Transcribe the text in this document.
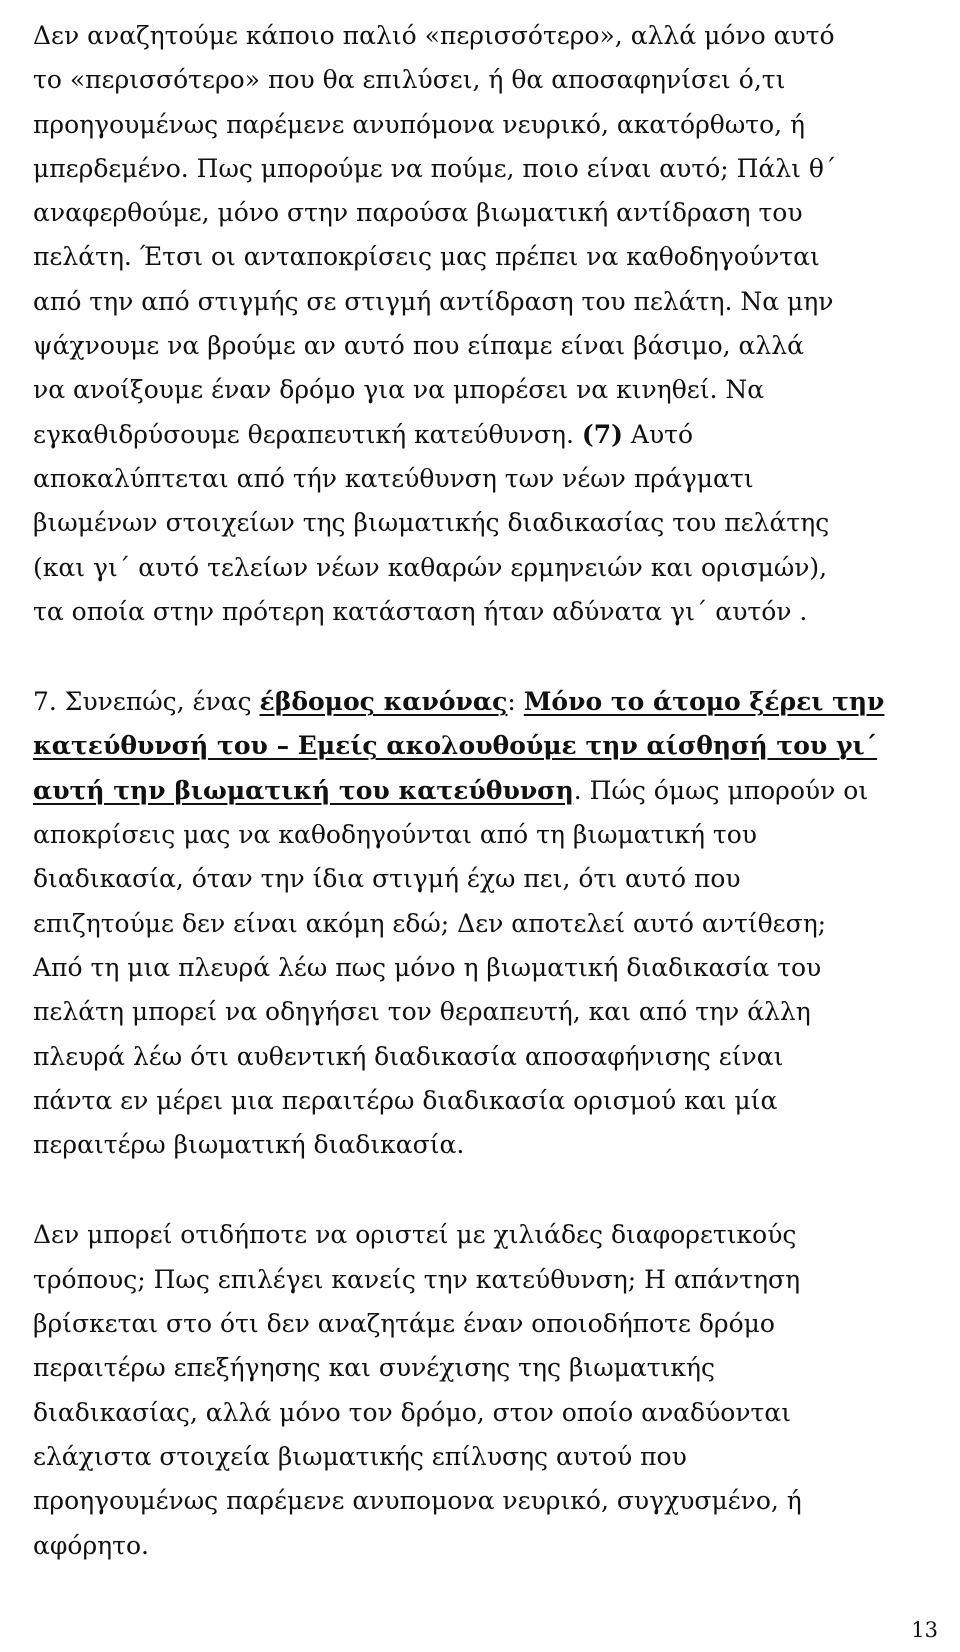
Δεν αναζητούμε κάποιο παλιό «περισσότερο», αλλά μόνο αυτό
το «περισσότερο» που θα επιλύσει, ή θα αποσαφηνίσει ό,τι
προηγουμένως παρέμενε ανυπόμονα νευρικό, ακατόρθωτο, ή
μπερδεμένο. Πως μπορούμε να πούμε, ποιο είναι αυτό; Πάλι θ΄
αναφερθούμε, μόνο στην παρούσα βιωματική αντίδραση του
πελάτη. Έτσι οι ανταποκρίσεις μας πρέπει να καθοδηγούνται
από την από στιγμής σε στιγμή αντίδραση του πελάτη. Να μην
ψάχνουμε να βρούμε αν αυτό που είπαμε είναι βάσιμο, αλλά
να ανοίξουμε έναν δρόμο για να μπορέσει να κινηθεί. Να
εγκαθιδρύσουμε θεραπευτική κατεύθυνση. (7) Αυτό
αποκαλύπτεται από τήν κατεύθυνση των νέων πράγματι
βιωμένων στοιχείων της βιωματικής διαδικασίας του πελάτης
(και γι΄ αυτό τελείων νέων καθαρών ερμηνειών και ορισμών),
τα οποία στην πρότερη κατάσταση ήταν αδύνατα γι΄ αυτόν .
7. Συνεπώς, ένας έβδομος κανόνας: Μόνο το άτομο ξέρει την
κατεύθυνσή του – Εμείς ακολουθούμε την αίσθησή του γι΄
αυτή την βιωματική του κατεύθυνση. Πώς όμως μπορούν οι
αποκρίσεις μας να καθοδηγούνται από τη βιωματική του
διαδικασία, όταν την ίδια στιγμή έχω πει, ότι αυτό που
επιζητούμε δεν είναι ακόμη εδώ; Δεν αποτελεί αυτό αντίθεση;
Από τη μια πλευρά λέω πως μόνο η βιωματική διαδικασία του
πελάτη μπορεί να οδηγήσει τον θεραπευτή, και από την άλλη
πλευρά λέω ότι αυθεντική διαδικασία αποσαφήνισης είναι
πάντα εν μέρει μια περαιτέρω διαδικασία ορισμού και μία
περαιτέρω βιωματική διαδικασία.
Δεν μπορεί οτιδήποτε να οριστεί με χιλιάδες διαφορετικούς
τρόπους; Πως επιλέγει κανείς την κατεύθυνση; Η απάντηση
βρίσκεται στο ότι δεν αναζητάμε έναν οποιοδήποτε δρόμο
περαιτέρω επεξήγησης και συνέχισης της βιωματικής
διαδικασίας, αλλά μόνο τον δρόμο, στον οποίο αναδύονται
ελάχιστα στοιχεία βιωματικής επίλυσης αυτού που
προηγουμένως παρέμενε ανυπομονα νευρικό, συγχυσμένο, ή
αφόρητο.
13
